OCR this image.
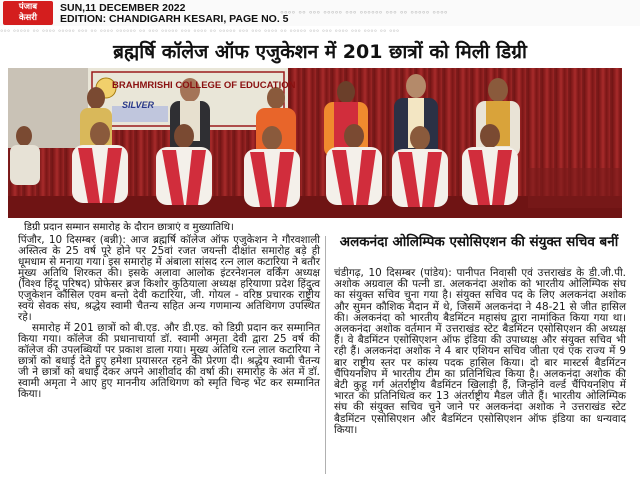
पंजाब
केसरी
SUN,11 DECEMBER 2022
EDITION: CHANDIGARH KESARI, PAGE NO. 5
॰॰॰॰ ॰॰ ॰॰॰ ॰॰॰॰॰ ॰॰॰ ॰॰॰॰॰॰ ॰॰॰ ॰॰ ॰॰॰॰॰ ॰॰॰॰
॰॰॰ ॰॰॰॰॰ ॰॰ ॰॰॰॰ ॰॰॰॰॰ ॰॰॰ ॰॰ ॰॰॰॰ ॰॰॰॰॰॰ ॰॰ ॰॰॰ ॰॰॰॰॰ ॰॰॰ ॰॰॰॰ ॰॰ ॰॰॰॰॰ ॰॰॰ ॰॰॰ ॰॰॰॰ ॰॰ ॰॰॰॰॰ ॰॰॰ ॰॰॰ ॰॰॰॰ ॰॰॰ ॰॰॰॰ ॰॰ ॰॰॰
ब्रह्मर्षि कॉलेज ऑफ एजुकेशन में 201 छात्रों को मिली डिग्री
BRAHMRISHI COLLEGE OF EDUCATION
SILVER
डिग्री प्रदान सम्मान समारोह के दौरान छात्राएं व मुख्यातिथि।

पिंजौर, 10 दिसम्बर (बन्नी): आज ब्रह्मर्षि कॉलेज ऑफ एजुकेशन ने गौरवशाली अस्तित्व के 25 वर्ष पूरे होने पर 25वां रजत जयन्ती दीक्षांत समारोह बड़े ही धूमधाम से मनाया गया। इस समारोह में अंबाला सांसद रत्न लाल कटारिया ने बतौर मुख्य अतिथि शिरकत की। इसके अलावा आलोक इंटरनेशनल वर्किंग अध्यक्ष (विश्व हिंदू परिषद) प्रोफेसर ब्रज किशोर कुठियाला अध्यक्ष हरियाणा प्रदेश हिंदुत्व एजुकेशन कौंसिल एवम बन्तो देवी कटारिया, जी. गोयल - वरिष्ठ प्रचारक राष्ट्रीय स्वयं सेवक संघ, श्रद्धेय स्वामी चैतन्य सहित अन्य गणमान्य अतिथिगण उपस्थित रहे।

समारोह में 201 छात्रों को बी.एड. और डी.एड. को डिग्री प्रदान कर सम्मानित किया गया। कॉलेज की प्रधानाचार्या डॉ. स्वामी अमृता देवी द्वारा 25 वर्ष की कॉलेज की उपलब्धियों पर प्रकाश डाला गया। मुख्य अतिथि रत्न लाल कटारिया ने छात्रों को बधाई देते हुए हमेशा प्रयासरत रहने की प्रेरणा दी। श्रद्धेय स्वामी चैतन्य जी ने छात्रों को बधाई देकर अपने आशीर्वाद की वर्षा की। समारोह के अंत में डॉ. स्वामी अमृता ने आए हुए माननीय अतिथिगण को स्मृति चिन्ह भेंट कर सम्मानित किया।

अलकनंदा ओलिम्पिक एसोसिएशन की संयुक्त सचिव बनीं
चंडीगढ़, 10 दिसम्बर (पांडेय): पानीपत निवासी एवं उत्तराखंड के डी.जी.पी. अशोक अग्रवाल की पत्नी डा. अलकनंदा अशोक को भारतीय ओलिम्पिक संघ का संयुक्त सचिव चुना गया है। संयुक्त सचिव पद के लिए अलकनंदा अशोक और सुमन कौशिक मैदान में थे, जिसमें अलकनंदा ने 48-21 से जीत हासिल की। अलकनंदा को भारतीय बैडमिंटन महासंघ द्वारा नामांकित किया गया था। अलकनंदा अशोक वर्तमान में उत्तराखंड स्टेट बैडमिंटन एसोसिएशन की अध्यक्ष हैं। वे बैडमिंटन एसोसिएशन ऑफ इंडिया की उपाध्यक्ष और संयुक्त सचिव भी रही हैं। अलकनंदा अशोक ने 4 बार एशियन सचिव जीता एवं एक राज्य में 9 बार राष्ट्रीय स्तर पर कांस्य पदक हासिल किया। दो बार मास्टर्स बैडमिंटन चैंपियनशिप में भारतीय टीम का प्रतिनिधित्व किया है। अलकनंदा अशोक की बेटी कुहू गर्ग अंतर्राष्ट्रीय बैडमिंटन खिलाड़ी हैं, जिन्होंने वर्ल्ड चैंपियनशिप में भारत का प्रतिनिधित्व कर 13 अंतर्राष्ट्रीय मैडल जीते हैं। भारतीय ओलिम्पिक संघ की संयुक्त सचिव चुने जाने पर अलकनंदा अशोक ने उत्तराखंड स्टेट बैडमिंटन एसोसिएशन और बैडमिंटन एसोसिएशन ऑफ इंडिया का धन्यवाद किया।
